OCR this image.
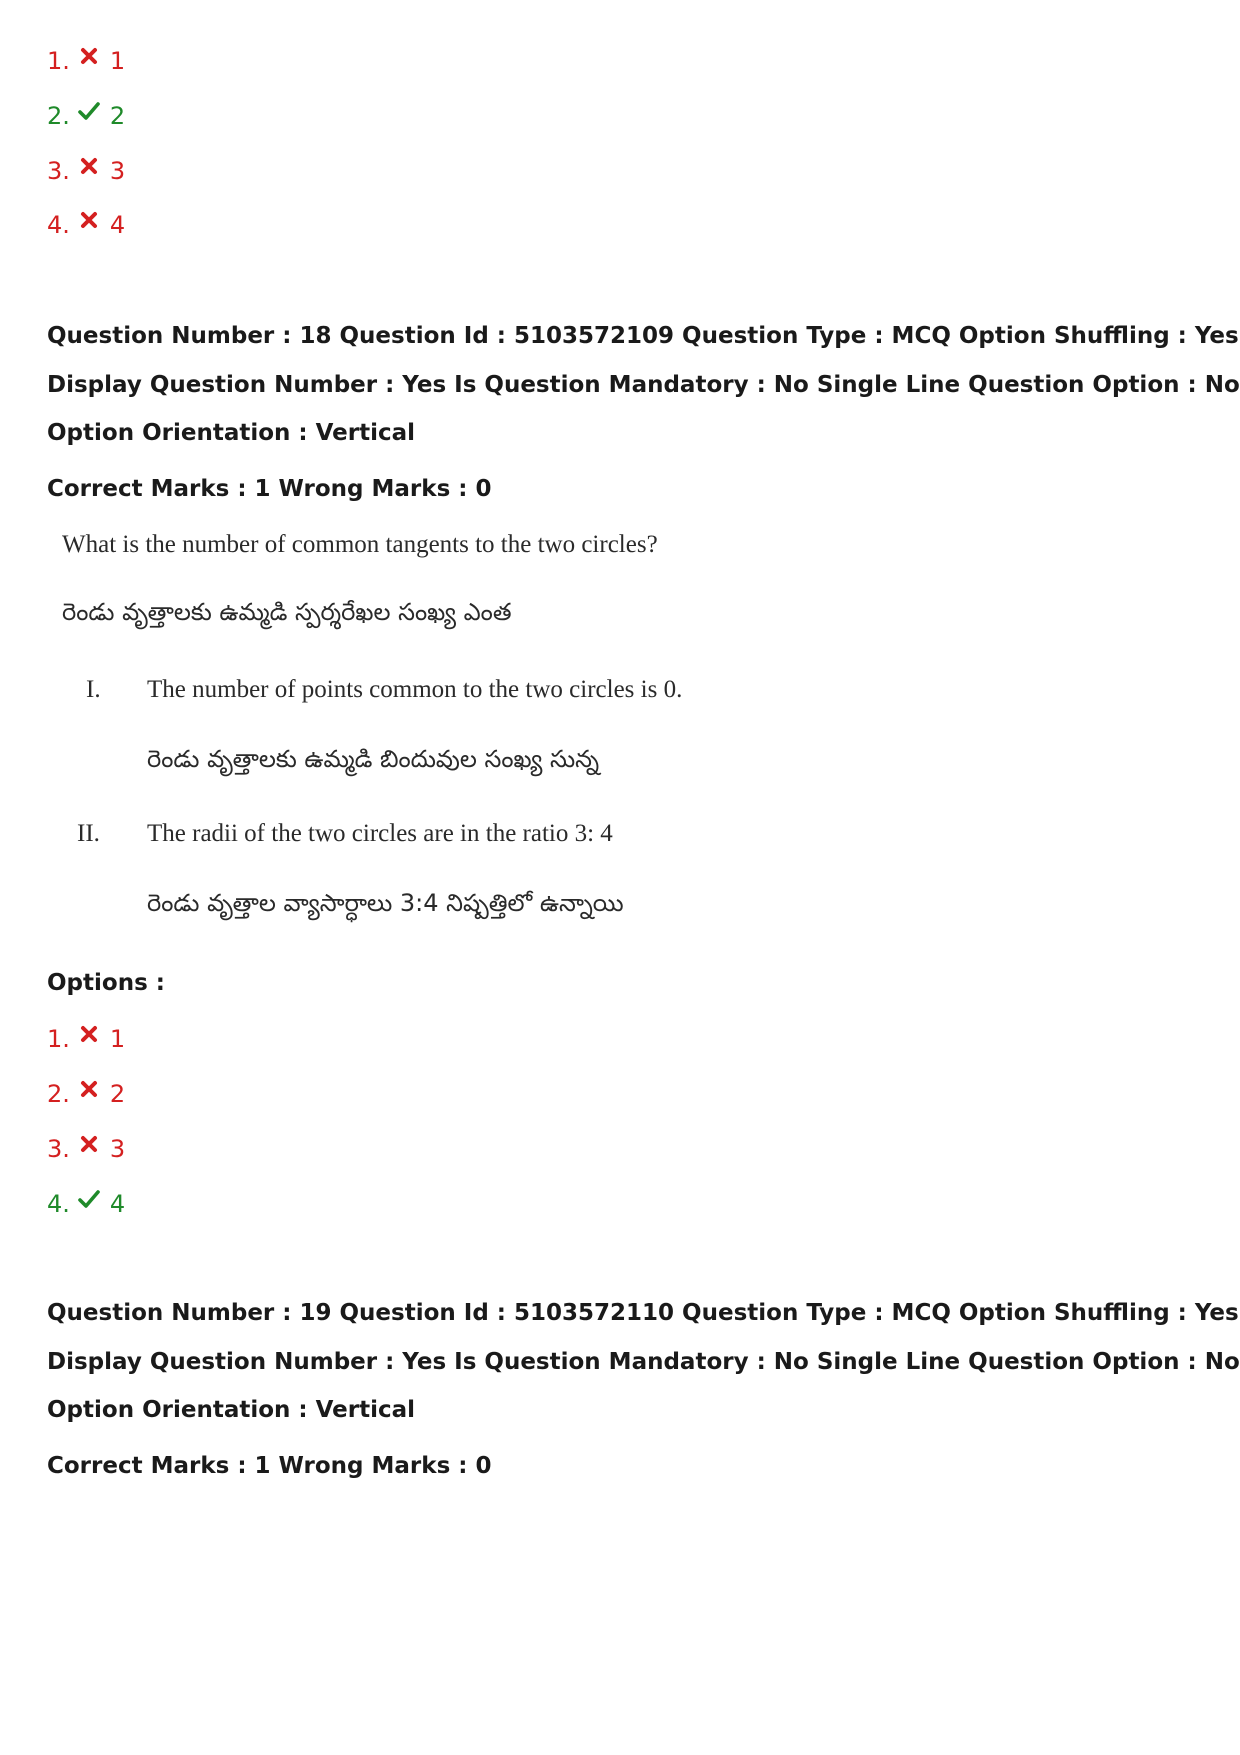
1. 1
2. 2
3. 3
4. 4
Question Number : 18 Question Id : 5103572109 Question Type : MCQ Option Shuffling : Yes
Display Question Number : Yes Is Question Mandatory : No Single Line Question Option : No
Option Orientation : Vertical
Correct Marks : 1 Wrong Marks : 0
What is the number of common tangents to the two circles?
రెండు వృత్తాలకు ఉమ్మడి స్పర్శరేఖల సంఖ్య ఎంత
I. The number of points common to the two circles is 0.
రెండు వృత్తాలకు ఉమ్మడి బిందువుల సంఖ్య సున్న
II. The radii of the two circles are in the ratio 3: 4
రెండు వృత్తాల వ్యాసార్ధాలు 3:4 నిష్పత్తిలో ఉన్నాయి
Options :
1. 1
2. 2
3. 3
4. 4
Question Number : 19 Question Id : 5103572110 Question Type : MCQ Option Shuffling : Yes
Display Question Number : Yes Is Question Mandatory : No Single Line Question Option : No
Option Orientation : Vertical
Correct Marks : 1 Wrong Marks : 0
